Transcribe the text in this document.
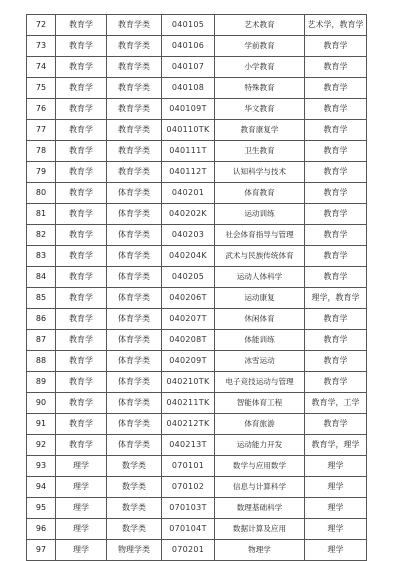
72	教育学	教育学类	040105	艺术教育	艺术学，教育学
73	教育学	教育学类	040106	学前教育	教育学
74	教育学	教育学类	040107	小学教育	教育学
75	教育学	教育学类	040108	特殊教育	教育学
76	教育学	教育学类	040109T	华文教育	教育学
77	教育学	教育学类	040110TK	教育康复学	教育学
78	教育学	教育学类	040111T	卫生教育	教育学
79	教育学	教育学类	040112T	认知科学与技术	教育学
80	教育学	体育学类	040201	体育教育	教育学
81	教育学	体育学类	040202K	运动训练	教育学
82	教育学	体育学类	040203	社会体育指导与管理	教育学
83	教育学	体育学类	040204K	武术与民族传统体育	教育学
84	教育学	体育学类	040205	运动人体科学	教育学
85	教育学	体育学类	040206T	运动康复	理学，教育学
86	教育学	体育学类	040207T	休闲体育	教育学
87	教育学	体育学类	040208T	体能训练	教育学
88	教育学	体育学类	040209T	冰雪运动	教育学
89	教育学	体育学类	040210TK	电子竞技运动与管理	教育学
90	教育学	体育学类	040211TK	智能体育工程	教育学，工学
91	教育学	体育学类	040212TK	体育旅游	教育学
92	教育学	体育学类	040213T	运动能力开发	教育学，理学
93	理学	数学类	070101	数学与应用数学	理学
94	理学	数学类	070102	信息与计算科学	理学
95	理学	数学类	070103T	数理基础科学	理学
96	理学	数学类	070104T	数据计算及应用	理学
97	理学	物理学类	070201	物理学	理学
